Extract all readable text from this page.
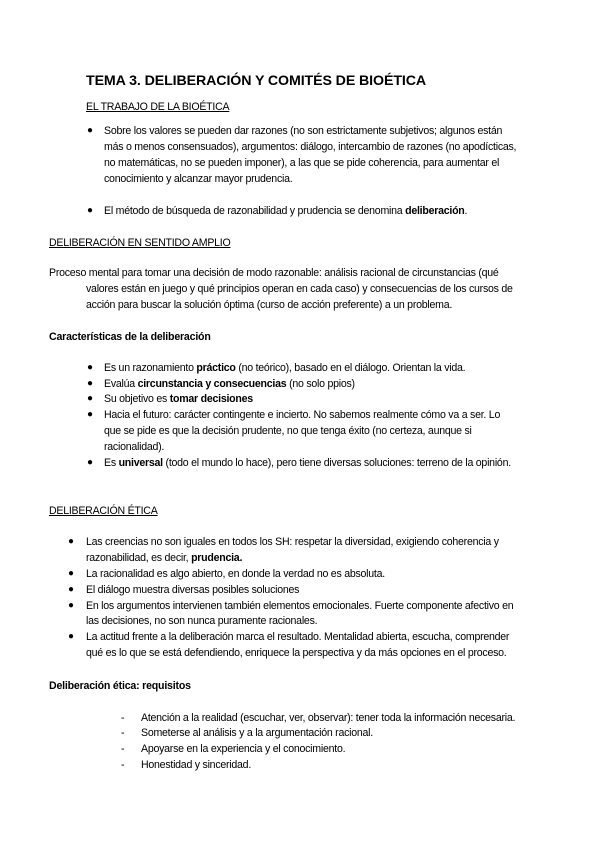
TEMA 3. DELIBERACIÓN Y COMITÉS DE BIOÉTICA
EL TRABAJO DE LA BIOÉTICA
● Sobre los valores se pueden dar razones (no son estrictamente subjetivos; algunos están
más o menos consensuados), argumentos: diálogo, intercambio de razones (no apodícticas,
no matemáticas, no se pueden imponer), a las que se pide coherencia, para aumentar el
conocimiento y alcanzar mayor prudencia.
● El método de búsqueda de razonabilidad y prudencia se denomina deliberación.
DELIBERACIÓN EN SENTIDO AMPLIO
Proceso mental para tomar una decisión de modo razonable: análisis racional de circunstancias (qué
valores están en juego y qué principios operan en cada caso) y consecuencias de los cursos de
acción para buscar la solución óptima (curso de acción preferente) a un problema.
Características de la deliberación
● Es un razonamiento práctico (no teórico), basado en el diálogo. Orientan la vida.
● Evalúa circunstancia y consecuencias (no solo ppios)
● Su objetivo es tomar decisiones
● Hacia el futuro: carácter contingente e incierto. No sabemos realmente cómo va a ser. Lo
que se pide es que la decisión prudente, no que tenga éxito (no certeza, aunque si
racionalidad).
● Es universal (todo el mundo lo hace), pero tiene diversas soluciones: terreno de la opinión.
DELIBERACIÓN ÉTICA
● Las creencias no son iguales en todos los SH: respetar la diversidad, exigiendo coherencia y
razonabilidad, es decir, prudencia.
● La racionalidad es algo abierto, en donde la verdad no es absoluta.
● El diálogo muestra diversas posibles soluciones
● En los argumentos intervienen también elementos emocionales. Fuerte componente afectivo en
las decisiones, no son nunca puramente racionales.
● La actitud frente a la deliberación marca el resultado. Mentalidad abierta, escucha, comprender
qué es lo que se está defendiendo, enriquece la perspectiva y da más opciones en el proceso.
Deliberación ética: requisitos
- Atención a la realidad (escuchar, ver, observar): tener toda la información necesaria.
- Someterse al análisis y a la argumentación racional.
- Apoyarse en la experiencia y el conocimiento.
- Honestidad y sinceridad.
